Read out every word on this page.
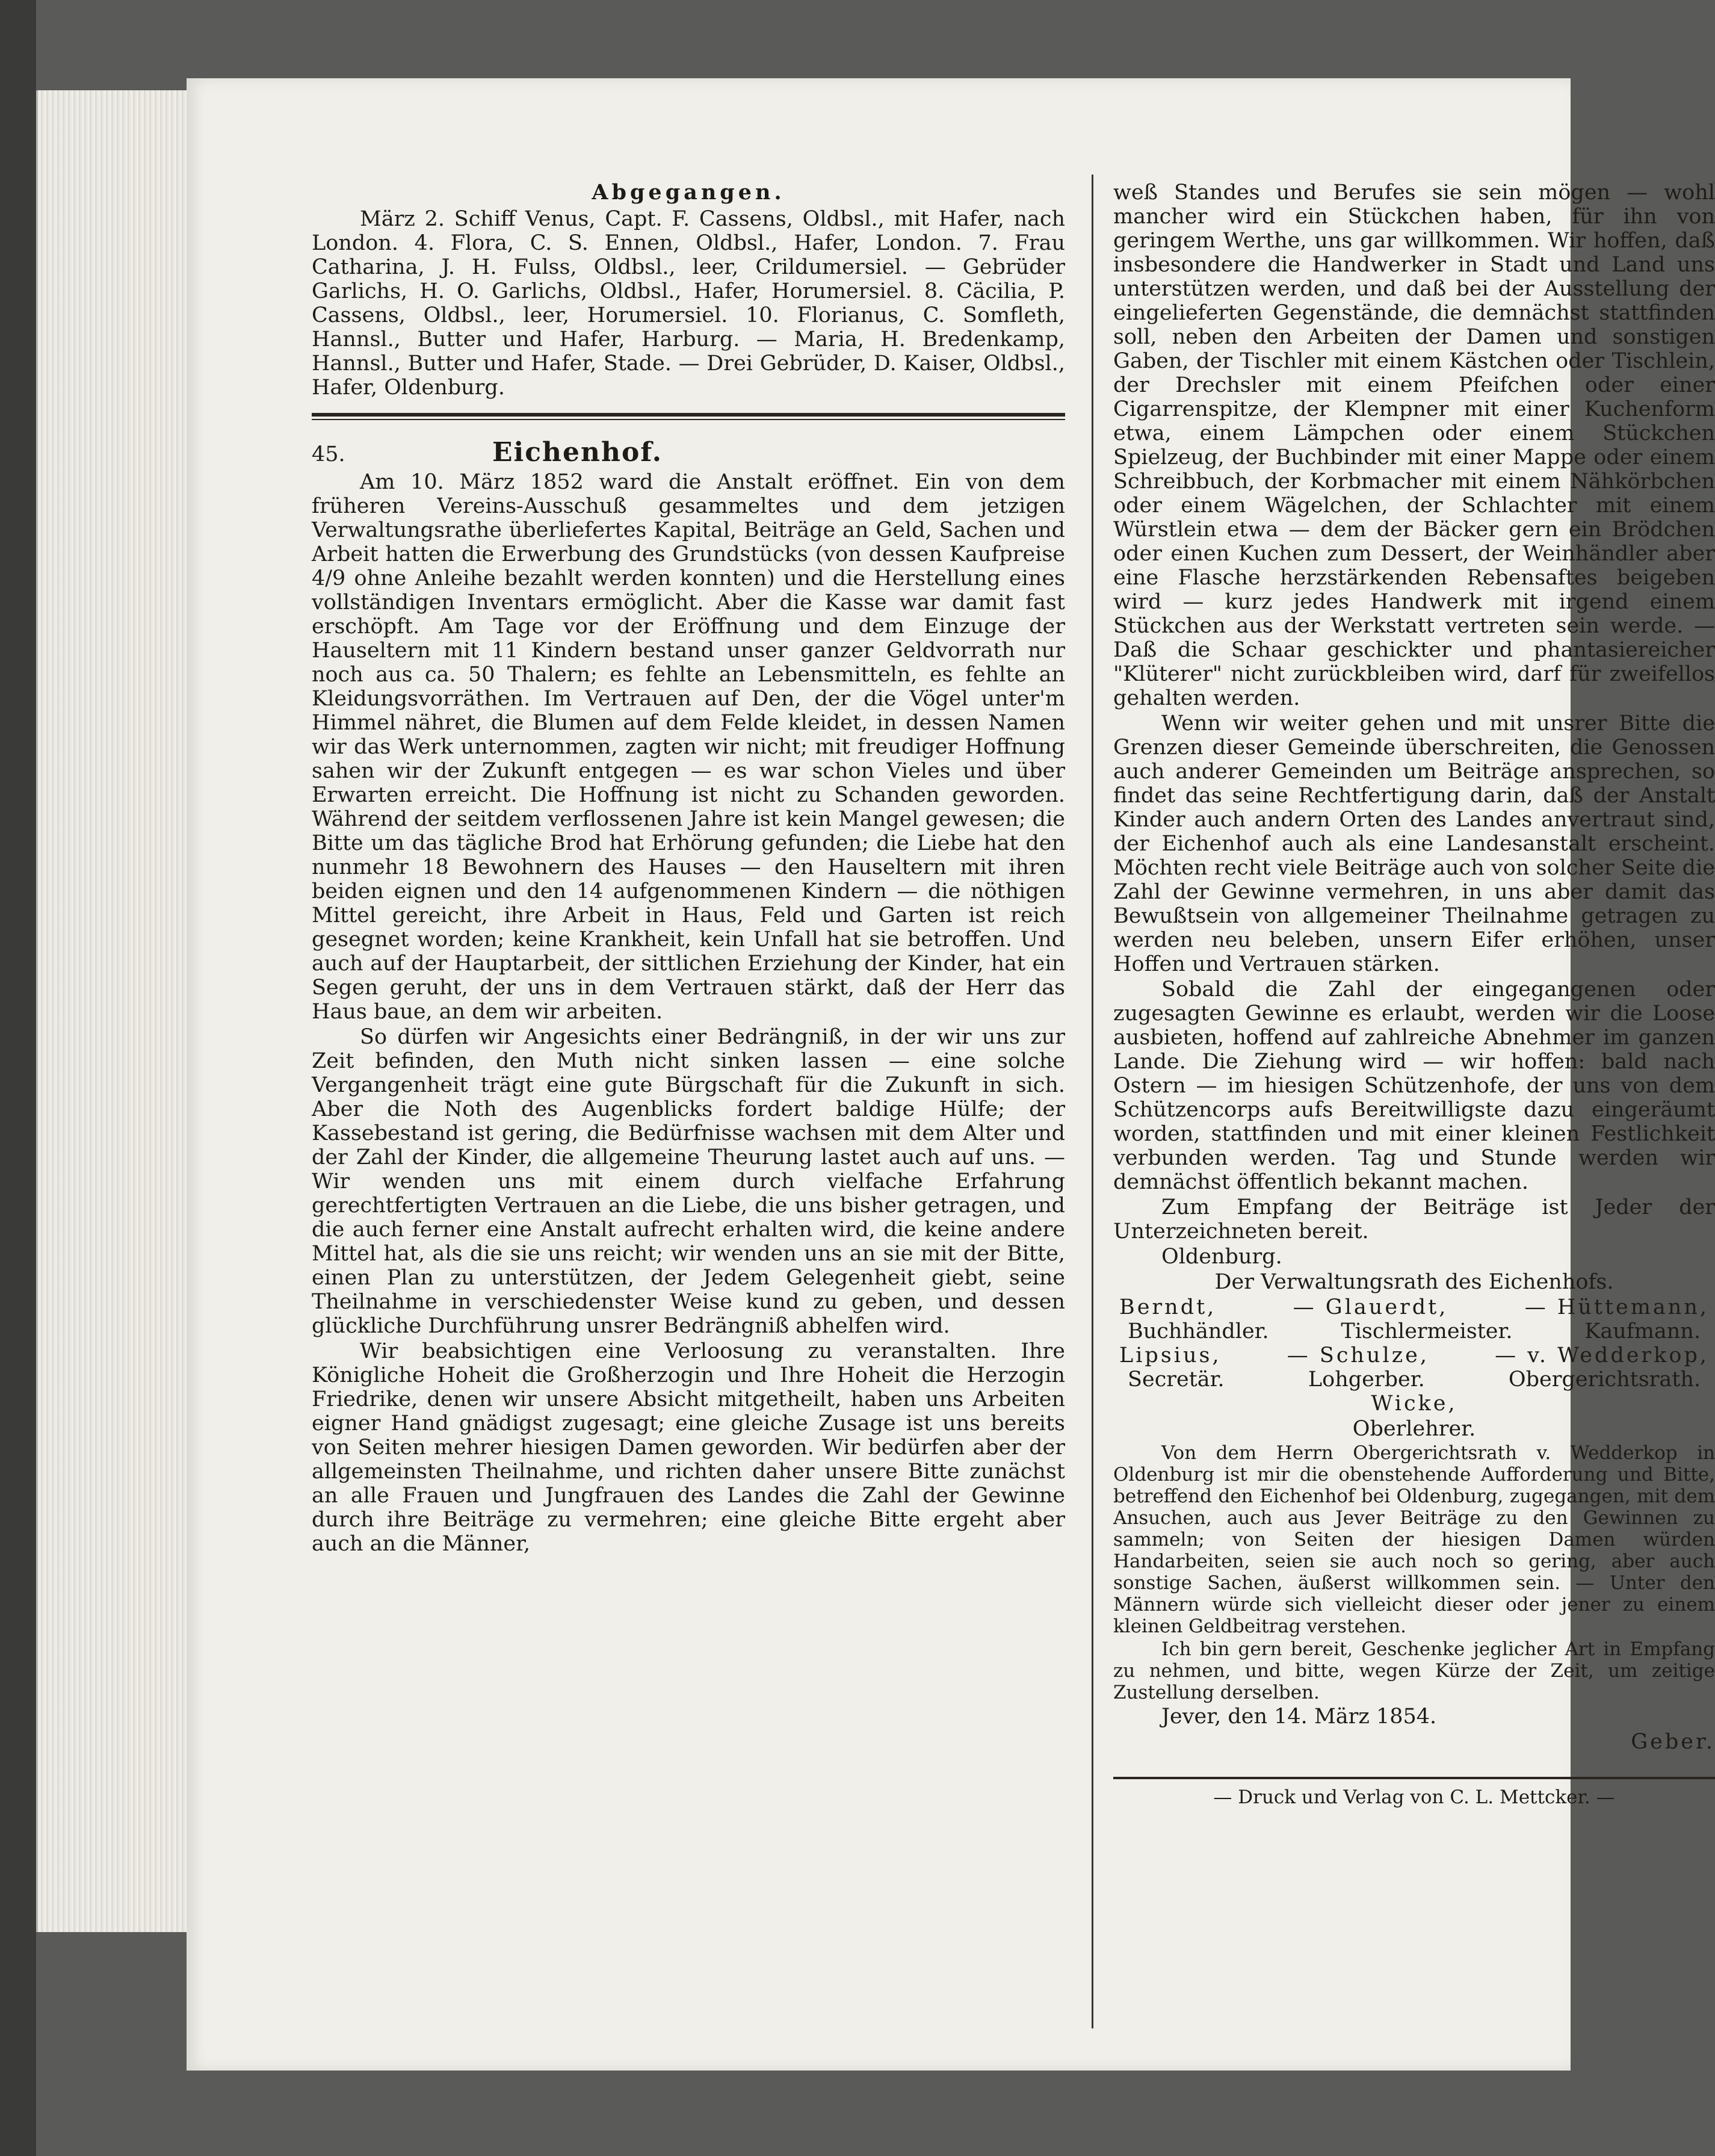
Abgegangen.

März 2. Schiff Venus, Capt. F. Cassens, Oldbsl., mit Hafer, nach London. 4. Flora, C. S. Ennen, Oldbsl., Hafer, London. 7. Frau Catharina, J. H. Fulss, Oldbsl., leer, Crildumersiel. — Gebrüder Garlichs, H. O. Garlichs, Oldbsl., Hafer, Horumersiel. 8. Cäcilia, P. Cassens, Oldbsl., leer, Horumersiel. 10. Florianus, C. Somfleth, Hannsl., Butter und Hafer, Harburg. — Maria, H. Bredenkamp, Hannsl., Butter und Hafer, Stade. — Drei Gebrüder, D. Kaiser, Oldbsl., Hafer, Oldenburg.

45.	Eichenhof.

Am 10. März 1852 ward die Anstalt eröffnet. Ein von dem früheren Vereins-Ausschuß gesammeltes und dem jetzigen Verwaltungsrathe überliefertes Kapital, Beiträge an Geld, Sachen und Arbeit hatten die Erwerbung des Grundstücks (von dessen Kaufpreise 4/9 ohne Anleihe bezahlt werden konnten) und die Herstellung eines vollständigen Inventars ermöglicht. Aber die Kasse war damit fast erschöpft. Am Tage vor der Eröffnung und dem Einzuge der Hauseltern mit 11 Kindern bestand unser ganzer Geldvorrath nur noch aus ca. 50 Thalern; es fehlte an Lebensmitteln, es fehlte an Kleidungsvorräthen. Im Vertrauen auf Den, der die Vögel unter'm Himmel nähret, die Blumen auf dem Felde kleidet, in dessen Namen wir das Werk unternommen, zagten wir nicht; mit freudiger Hoffnung sahen wir der Zukunft entgegen — es war schon Vieles und über Erwarten erreicht. Die Hoffnung ist nicht zu Schanden geworden. Während der seitdem verflossenen Jahre ist kein Mangel gewesen; die Bitte um das tägliche Brod hat Erhörung gefunden; die Liebe hat den nunmehr 18 Bewohnern des Hauses — den Hauseltern mit ihren beiden eignen und den 14 aufgenommenen Kindern — die nöthigen Mittel gereicht, ihre Arbeit in Haus, Feld und Garten ist reich gesegnet worden; keine Krankheit, kein Unfall hat sie betroffen. Und auch auf der Hauptarbeit, der sittlichen Erziehung der Kinder, hat ein Segen geruht, der uns in dem Vertrauen stärkt, daß der Herr das Haus baue, an dem wir arbeiten.

So dürfen wir Angesichts einer Bedrängniß, in der wir uns zur Zeit befinden, den Muth nicht sinken lassen — eine solche Vergangenheit trägt eine gute Bürgschaft für die Zukunft in sich. Aber die Noth des Augenblicks fordert baldige Hülfe; der Kassebestand ist gering, die Bedürfnisse wachsen mit dem Alter und der Zahl der Kinder, die allgemeine Theurung lastet auch auf uns. — Wir wenden uns mit einem durch vielfache Erfahrung gerechtfertigten Vertrauen an die Liebe, die uns bisher getragen, und die auch ferner eine Anstalt aufrecht erhalten wird, die keine andere Mittel hat, als die sie uns reicht; wir wenden uns an sie mit der Bitte, einen Plan zu unterstützen, der Jedem Gelegenheit giebt, seine Theilnahme in verschiedenster Weise kund zu geben, und dessen glückliche Durchführung unsrer Bedrängniß abhelfen wird.

Wir beabsichtigen eine Verloosung zu veranstalten. Ihre Königliche Hoheit die Großherzogin und Ihre Hoheit die Herzogin Friedrike, denen wir unsere Absicht mitgetheilt, haben uns Arbeiten eigner Hand gnädigst zugesagt; eine gleiche Zusage ist uns bereits von Seiten mehrer hiesigen Damen geworden. Wir bedürfen aber der allgemeinsten Theilnahme, und richten daher unsere Bitte zunächst an alle Frauen und Jungfrauen des Landes die Zahl der Gewinne durch ihre Beiträge zu vermehren; eine gleiche Bitte ergeht aber auch an die Männer,

weß Standes und Berufes sie sein mögen — wohl mancher wird ein Stückchen haben, für ihn von geringem Werthe, uns gar willkommen. Wir hoffen, daß insbesondere die Handwerker in Stadt und Land uns unterstützen werden, und daß bei der Ausstellung der eingelieferten Gegenstände, die demnächst stattfinden soll, neben den Arbeiten der Damen und sonstigen Gaben, der Tischler mit einem Kästchen oder Tischlein, der Drechsler mit einem Pfeifchen oder einer Cigarrenspitze, der Klempner mit einer Kuchenform etwa, einem Lämpchen oder einem Stückchen Spielzeug, der Buchbinder mit einer Mappe oder einem Schreibbuch, der Korbmacher mit einem Nähkörbchen oder einem Wägelchen, der Schlachter mit einem Würstlein etwa — dem der Bäcker gern ein Brödchen oder einen Kuchen zum Dessert, der Weinhändler aber eine Flasche herzstärkenden Rebensaftes beigeben wird — kurz jedes Handwerk mit irgend einem Stückchen aus der Werkstatt vertreten sein werde. — Daß die Schaar geschickter und phantasiereicher "Klüterer" nicht zurückbleiben wird, darf für zweifellos gehalten werden.

Wenn wir weiter gehen und mit unsrer Bitte die Grenzen dieser Gemeinde überschreiten, die Genossen auch anderer Gemeinden um Beiträge ansprechen, so findet das seine Rechtfertigung darin, daß der Anstalt Kinder auch andern Orten des Landes anvertraut sind, der Eichenhof auch als eine Landesanstalt erscheint. Möchten recht viele Beiträge auch von solcher Seite die Zahl der Gewinne vermehren, in uns aber damit das Bewußtsein von allgemeiner Theilnahme getragen zu werden neu beleben, unsern Eifer erhöhen, unser Hoffen und Vertrauen stärken.

Sobald die Zahl der eingegangenen oder zugesagten Gewinne es erlaubt, werden wir die Loose ausbieten, hoffend auf zahlreiche Abnehmer im ganzen Lande. Die Ziehung wird — wir hoffen: bald nach Ostern — im hiesigen Schützenhofe, der uns von dem Schützencorps aufs Bereitwilligste dazu eingeräumt worden, stattfinden und mit einer kleinen Festlichkeit verbunden werden. Tag und Stunde werden wir demnächst öffentlich bekannt machen.

Zum Empfang der Beiträge ist Jeder der Unterzeichneten bereit.

Oldenburg.

Der Verwaltungsrath des Eichenhofs.

Berndt,	— Glauerdt,	— Hüttemann,
Buchhändler.	Tischlermeister.	Kaufmann.
Lipsius,	— Schulze,	— v. Wedderkop,
Secretär.	Lohgerber.	Obergerichtsrath.

Wicke,

Oberlehrer.

Von dem Herrn Obergerichtsrath v. Wedderkop in Oldenburg ist mir die obenstehende Aufforderung und Bitte, betreffend den Eichenhof bei Oldenburg, zugegangen, mit dem Ansuchen, auch aus Jever Beiträge zu den Gewinnen zu sammeln; von Seiten der hiesigen Damen würden Handarbeiten, seien sie auch noch so gering, aber auch sonstige Sachen, äußerst willkommen sein. — Unter den Männern würde sich vielleicht dieser oder jener zu einem kleinen Geldbeitrag verstehen.

Ich bin gern bereit, Geschenke jeglicher Art in Empfang zu nehmen, und bitte, wegen Kürze der Zeit, um zeitige Zustellung derselben.

Jever, den 14. März 1854.

Geber.

— Druck und Verlag von C. L. Mettcker. —
